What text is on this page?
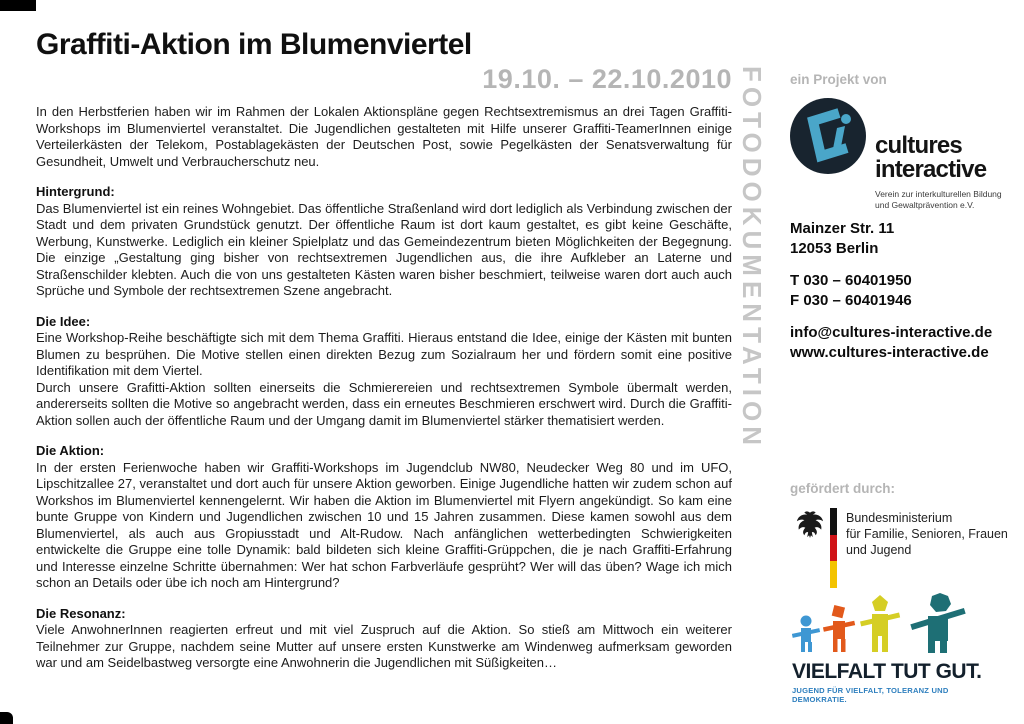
Graffiti-Aktion im Blumenviertel
19.10. – 22.10.2010

In den Herbstferien haben wir im Rahmen der Lokalen Aktionspläne gegen Rechtsextremismus an drei Tagen Graffiti-Workshops im Blumenviertel veranstaltet. Die Jugendlichen gestalteten mit Hilfe unserer Graffiti-TeamerInnen einige Verteilerkästen der Telekom, Postablagekästen der Deutschen Post, sowie Pegelkästen der Senatsverwaltung für Gesundheit, Umwelt und Verbraucherschutz neu.

Hintergrund:

Das Blumenviertel ist ein reines Wohngebiet. Das öffentliche Straßenland wird dort lediglich als Verbindung zwischen der Stadt und dem privaten Grundstück genutzt. Der öffentliche Raum ist dort kaum gestaltet, es gibt keine Geschäfte, Werbung, Kunstwerke. Lediglich ein kleiner Spielplatz und das Gemeindezentrum bieten Möglichkeiten der Begegnung. Die einzige „Gestaltung ging bisher von rechtsextremen Jugendlichen aus, die ihre Aufkleber an Laterne und Straßenschilder klebten. Auch die von uns gestalteten Kästen waren bisher beschmiert, teilweise waren dort auch auch Sprüche und Symbole der rechtsextremen Szene angebracht.

Die Idee:

Eine Workshop-Reihe beschäftigte sich mit dem Thema Graffiti. Hieraus entstand die Idee, einige der Kästen mit bunten Blumen zu besprühen. Die Motive stellen einen direkten Bezug zum Sozialraum her und fördern somit eine positive Identifikation mit dem Viertel.

Durch unsere Grafitti-Aktion sollten einerseits die Schmierereien und rechtsextremen Symbole übermalt werden, andererseits sollten die Motive so angebracht werden, dass ein erneutes Beschmieren erschwert wird. Durch die Graffiti-Aktion sollen auch der öffentliche Raum und der Umgang damit im Blumenviertel stärker thematisiert werden.

Die Aktion:

In der ersten Ferienwoche haben wir Graffiti-Workshops im Jugendclub NW80, Neudecker Weg 80 und im UFO, Lipschitzallee 27, veranstaltet und dort auch für unsere Aktion geworben. Einige Jugendliche hatten wir zudem schon auf Workshos im Blumenviertel kennengelernt. Wir haben die Aktion im Blumenviertel mit Flyern angekündigt. So kam eine bunte Gruppe von Kindern und Jugendlichen zwischen 10 und 15 Jahren zusammen. Diese kamen sowohl aus dem Blumenviertel, als auch aus Gropiusstadt und Alt-Rudow. Nach anfänglichen wetterbedingten Schwierigkeiten entwickelte die Gruppe eine tolle Dynamik: bald bildeten sich kleine Graffiti-Grüppchen, die je nach Graffiti-Erfahrung und Interesse einzelne Schritte übernahmen: Wer hat schon Farbverläufe gesprüht? Wer will das üben? Wage ich mich schon an Details oder übe ich noch am Hintergrund?

Die Resonanz:

Viele AnwohnerInnen reagierten erfreut und mit viel Zuspruch auf die Aktion. So stieß am Mittwoch ein weiterer Teilnehmer zur Gruppe, nachdem seine Mutter auf unsere ersten Kunstwerke am Windenweg aufmerksam geworden war und am Seidelbastweg versorgte eine Anwohnerin die Jugendlichen mit Süßigkeiten…

FOTODOKUMENTATION ein Projekt von
cultures
interactive
Verein zur interkulturellen Bildung
und Gewaltprävention e.V.
Mainzer Str. 11
12053 Berlin
T 030 – 60401950
F 030 – 60401946
info@cultures-interactive.de
www.cultures-interactive.de
gefördert durch:
Bundesministerium
für Familie, Senioren, Frauen
und Jugend
VIELFALT TUT GUT.
JUGEND FÜR VIELFALT, TOLERANZ UND DEMOKRATIE.
